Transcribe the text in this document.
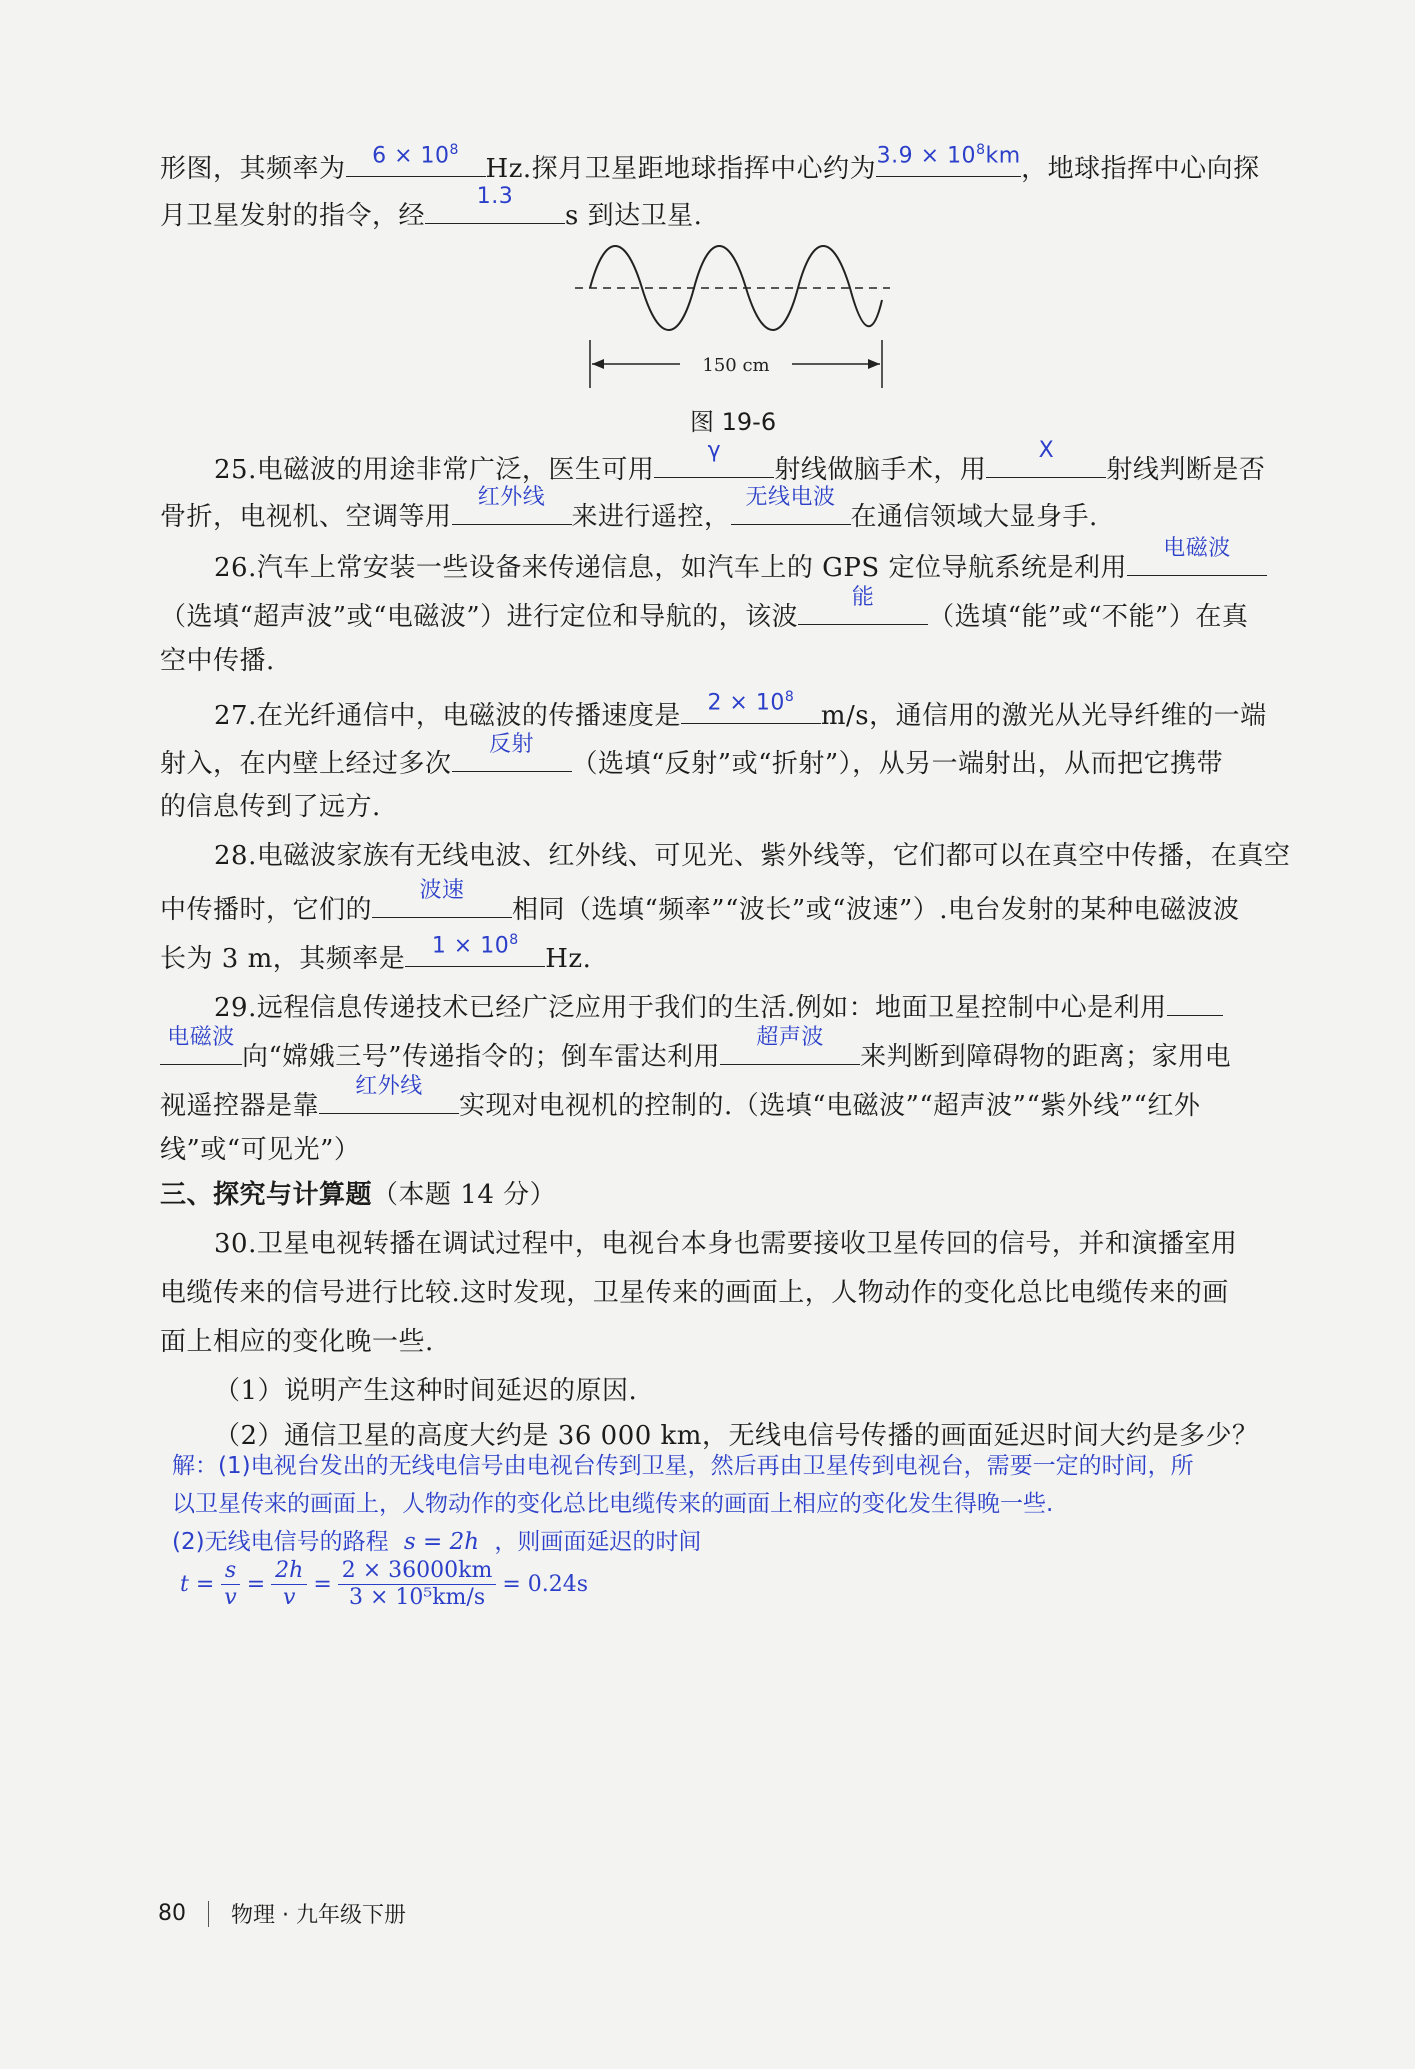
形图，其频率为	$6 \times 10^8$
Hz.探月卫星距地球指挥中心约为 $3.9 \times 10^8km$ ，地球指挥中心向探
月卫星发射的指令，经
1.3
s 到达卫星.
150 cm
图 19-6
25.电磁波的用途非常广泛，医生可用
γ
射线做脑手术，用
X
射线判断是否
骨折，电视机、空调等用
红外线
来进行遥控，
无线电波
在通信领域大显身手.
26.汽车上常安装一些设备来传递信息，如汽车上的 GPS 定位导航系统是利用
电磁波
（选填“超声波”或“电磁波”）进行定位和导航的，该波
能
（选填“能”或“不能”）在真
空中传播.
27.在光纤通信中，电磁波的传播速度是	$2 \times 10^8$
m/s，通信用的激光从光导纤维的一端
射入，在内壁上经过多次
反射
（选填“反射”或“折射”），从另一端射出，从而把它携带
的信息传到了远方.
28.电磁波家族有无线电波、红外线、可见光、紫外线等，它们都可以在真空中传播，在真空
中传播时，它们的
波速
相同（选填“频率”“波长”或“波速”）.电台发射的某种电磁波波
长为 3 m，其频率是	$1 \times 10^8$
Hz.
29.远程信息传递技术已经广泛应用于我们的生活.例如：地面卫星控制中心是利用
电磁波
向“嫦娥三号”传递指令的；倒车雷达利用
超声波
来判断到障碍物的距离；家用电
视遥控器是靠
红外线
实现对电视机的控制的.（选填“电磁波”“超声波”“紫外线”“红外
线”或“可见光”）
三、探究与计算题（本题 14 分）
30.卫星电视转播在调试过程中，电视台本身也需要接收卫星传回的信号，并和演播室用
电缆传来的信号进行比较.这时发现，卫星传来的画面上，人物动作的变化总比电缆传来的画
面上相应的变化晚一些.
（1）说明产生这种时间延迟的原因.
（2）通信卫星的高度大约是 36 000 km，无线电信号传播的画面延迟时间大约是多少？
解：(1)电视台发出的无线电信号由电视台传到卫星，然后再由卫星传到电视台，需要一定的时间，所
以卫星传来的画面上，人物动作的变化总比电缆传来的画面上相应的变化发生得晚一些.
(2)无线电信号的路程 s = 2h ，则画面延迟的时间
$t = \frac{s}{v} = \frac{2h}{v} = \frac{2 \times 36000km}{\text{3 × 10⁵km/s}} = 0.24s$
80 物理 · 九年级下册
